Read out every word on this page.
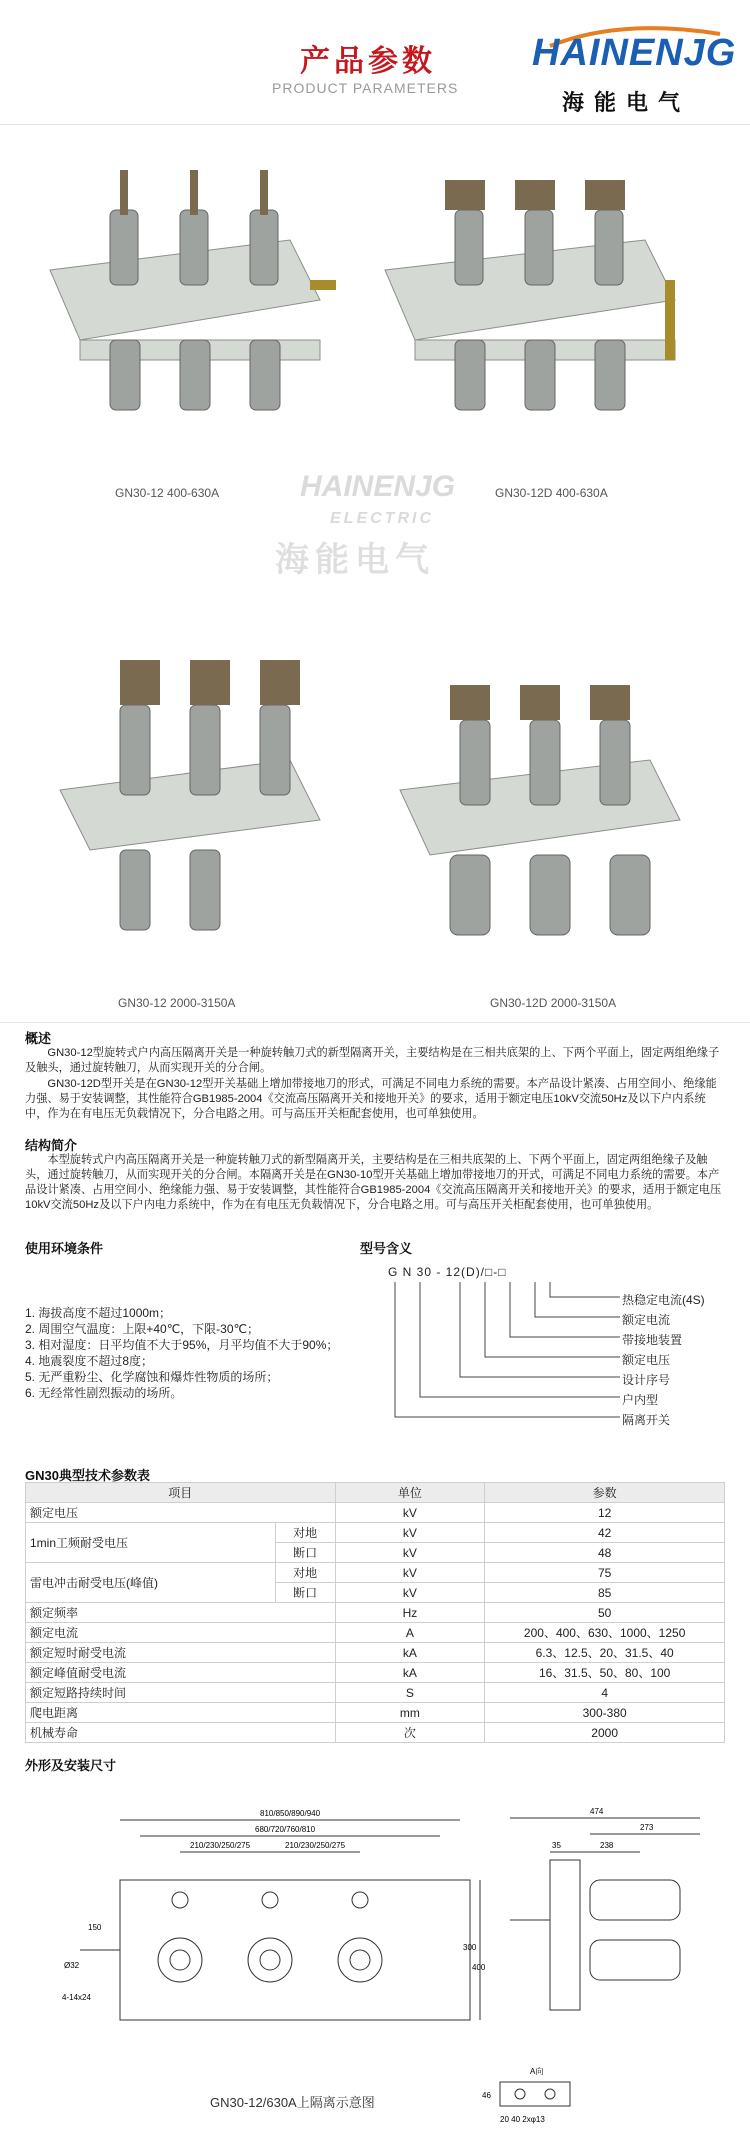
产品参数
PRODUCT PARAMETERS
HAINENJG
海能电气
GN30-12 400-630A	GN30-12D 400-630A
HAINENJG
ELECTRIC
海能电气
GN30-12 2000-3150A	GN30-12D 2000-3150A
概述
GN30-12型旋转式户内高压隔离开关是一种旋转触刀式的新型隔离开关，主要结构是在三相共底架的上、下两个平面上，固定两组绝缘子及触头，通过旋转触刀，从而实现开关的分合闸。
GN30-12D型开关是在GN30-12型开关基础上增加带接地刀的形式，可满足不同电力系统的需要。本产品设计紧凑、占用空间小、绝缘能力强、易于安装调整，其性能符合GB1985-2004《交流高压隔离开关和接地开关》的要求，适用于额定电压10kV交流50Hz及以下户内系统中，作为在有电压无负载情况下，分合电路之用。可与高压开关柜配套使用，也可单独使用。
结构简介
本型旋转式户内高压隔离开关是一种旋转触刀式的新型隔离开关，主要结构是在三相共底架的上、下两个平面上，固定两组绝缘子及触头，通过旋转触刀，从而实现开关的分合闸。本隔离开关是在GN30-10型开关基础上增加带接地刀的开式，可满足不同电力系统的需要。本产品设计紧凑、占用空间小、绝缘能力强、易于安装调整，其性能符合GB1985-2004《交流高压隔离开关和接地开关》的要求，适用于额定电压10kV交流50Hz及以下户内电力系统中，作为在有电压无负载情况下，分合电路之用。可与高压开关柜配套使用，也可单独使用。
使用环境条件
1. 海拔高度不超过1000m；
2. 周围空气温度：上限+40℃，下限-30℃；
3. 相对湿度：日平均值不大于95%，月平均值不大于90%；
4. 地震裂度不超过8度；
5. 无严重粉尘、化学腐蚀和爆炸性物质的场所；
6. 无经常性剧烈振动的场所。
型号含义
G N 30 - 12(D)/□-□
热稳定电流(4S)
额定电流
带接地装置
额定电压
设计序号
户内型
隔离开关
GN30典型技术参数表
项目		单位	参数
额定电压		kV	12
1min工频耐受电压	对地	kV	42
	断口	kV	48
雷电冲击耐受电压(峰值)	对地	kV	75
	断口	kV	85
额定频率		Hz	50
额定电流		A	200、400、630、1000、1250
额定短时耐受电流		kA	6.3、12.5、20、31.5、40
额定峰值耐受电流		kA	16、31.5、50、80、100
额定短路持续时间		S	4
爬电距离		mm	300-380
机械寿命		次	2000
外形及安装尺寸
810/850/890/940
680/720/760/810
210/230/250/275	210/230/250/275
150
Ø32
4-14x24
300
400
474
273
35	238
A向
46
20 40 2xφ13
GN30-12/630A上隔离示意图
